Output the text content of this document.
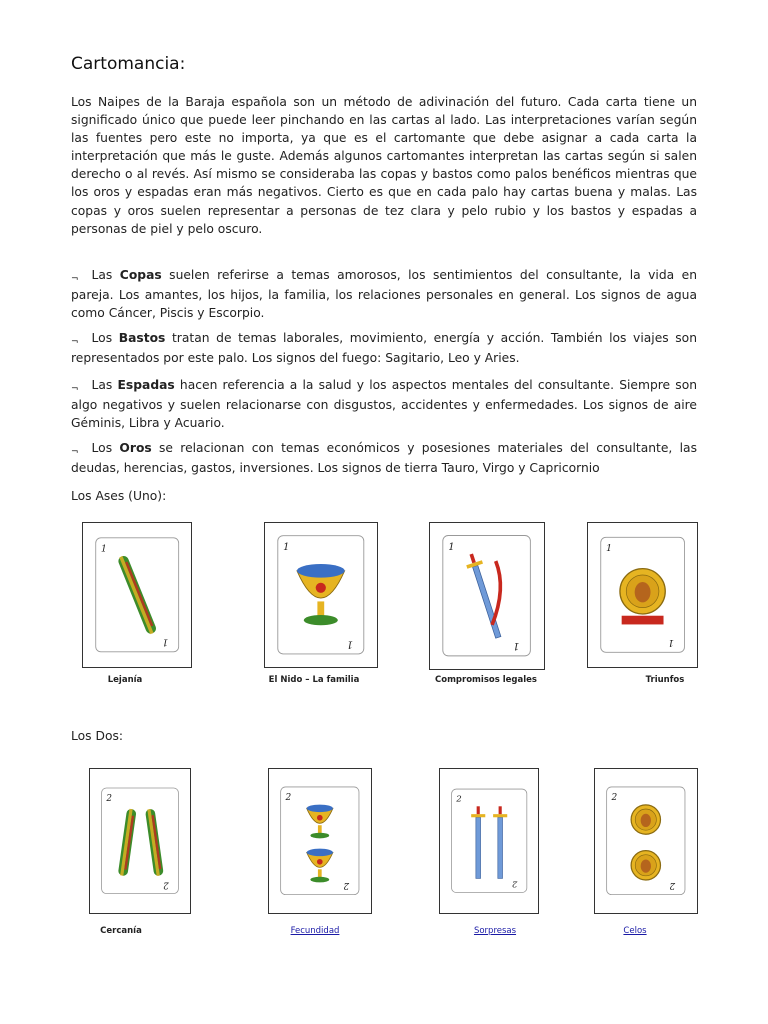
Cartomancia:

Los Naipes de la Baraja española son un método de adivinación del futuro. Cada carta tiene un significado único que puede leer pinchando en las cartas al lado. Las interpretaciones varían según las fuentes pero este no importa, ya que es el cartomante que debe asignar a cada carta la interpretación que más le guste. Además algunos cartomantes interpretan las cartas según si salen derecho o al revés. Así mismo se consideraba las copas y bastos como palos benéficos mientras que los oros y espadas eran más negativos. Cierto es que en cada palo hay cartas buena y malas. Las copas y oros suelen representar a personas de tez clara y pelo rubio y los bastos y espadas a personas de piel y pelo oscuro.

¬ Las Copas suelen referirse a temas amorosos, los sentimientos del consultante, la vida en pareja. Los amantes, los hijos, la familia, los relaciones personales en general. Los signos de agua como Cáncer, Piscis y Escorpio.

¬ Los Bastos tratan de temas laborales, movimiento, energía y acción. También los viajes son representados por este palo. Los signos del fuego: Sagitario, Leo y Aries.

¬ Las Espadas hacen referencia a la salud y los aspectos mentales del consultante. Siempre son algo negativos y suelen relacionarse con disgustos, accidentes y enfermedades. Los signos de aire Géminis, Libra y Acuario.

¬ Los Oros se relacionan con temas económicos y posesiones materiales del consultante, las deudas, herencias, gastos, inversiones. Los signos de tierra Tauro, Virgo y Capricornio

Los Ases (Uno):

Los Dos:

1
1
Lejanía
1
1
El Nido – La familia
1
1
Compromisos legales
1
1
Triunfos
2
2
Cercanía
2
2
Fecundidad
2
2
Sorpresas
2
2
Celos
